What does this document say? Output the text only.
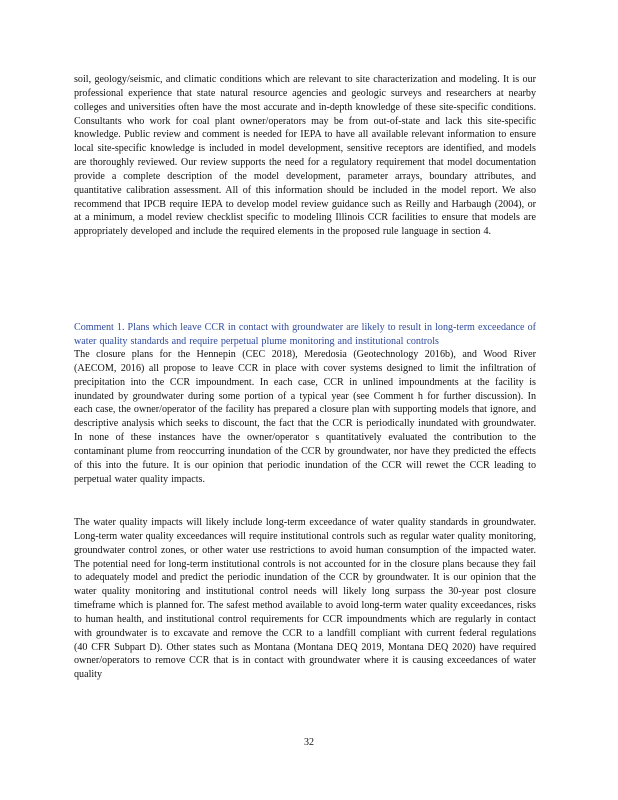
soil, geology/seismic, and climatic conditions which are relevant to site characterization and modeling. It is our professional experience that state natural resource agencies and geologic surveys and researchers at nearby colleges and universities often have the most accurate and in-depth knowledge of these site-specific conditions. Consultants who work for coal plant owner/operators may be from out-of-state and lack this site-specific knowledge. Public review and comment is needed for IEPA to have all available relevant information to ensure local site-specific knowledge is included in model development, sensitive receptors are identified, and models are thoroughly reviewed. Our review supports the need for a regulatory requirement that model documentation provide a complete description of the model development, parameter arrays, boundary attributes, and quantitative calibration assessment. All of this information should be included in the model report. We also recommend that IPCB require IEPA to develop model review guidance such as Reilly and Harbaugh (2004), or at a minimum, a model review checklist specific to modeling Illinois CCR facilities to ensure that models are appropriately developed and include the required elements in the proposed rule language in section 4.

Comment 1. Plans which leave CCR in contact with groundwater are likely to result in long-term exceedance of water quality standards and require perpetual plume monitoring and institutional controls

The closure plans for the Hennepin (CEC 2018), Meredosia (Geotechnology 2016b), and Wood River (AECOM, 2016) all propose to leave CCR in place with cover systems designed to limit the infiltration of precipitation into the CCR impoundment. In each case, CCR in unlined impoundments at the facility is inundated by groundwater during some portion of a typical year (see Comment h for further discussion). In each case, the owner/operator of the facility has prepared a closure plan with supporting models that ignore, and descriptive analysis which seeks to discount, the fact that the CCR is periodically inundated with groundwater. In none of these instances have the owner/operator s quantitatively evaluated the contribution to the contaminant plume from reoccurring inundation of the CCR by groundwater, nor have they predicted the effects of this into the future. It is our opinion that periodic inundation of the CCR will rewet the CCR leading to perpetual water quality impacts.

The water quality impacts will likely include long-term exceedance of water quality standards in groundwater. Long-term water quality exceedances will require institutional controls such as regular water quality monitoring, groundwater control zones, or other water use restrictions to avoid human consumption of the impacted water. The potential need for long-term institutional controls is not accounted for in the closure plans because they fail to adequately model and predict the periodic inundation of the CCR by groundwater. It is our opinion that the water quality monitoring and institutional control needs will likely long surpass the 30-year post closure timeframe which is planned for. The safest method available to avoid long-term water quality exceedances, risks to human health, and institutional control requirements for CCR impoundments which are regularly in contact with groundwater is to excavate and remove the CCR to a landfill compliant with current federal regulations (40 CFR Subpart D). Other states such as Montana (Montana DEQ 2019, Montana DEQ 2020) have required owner/operators to remove CCR that is in contact with groundwater where it is causing exceedances of water quality

32
